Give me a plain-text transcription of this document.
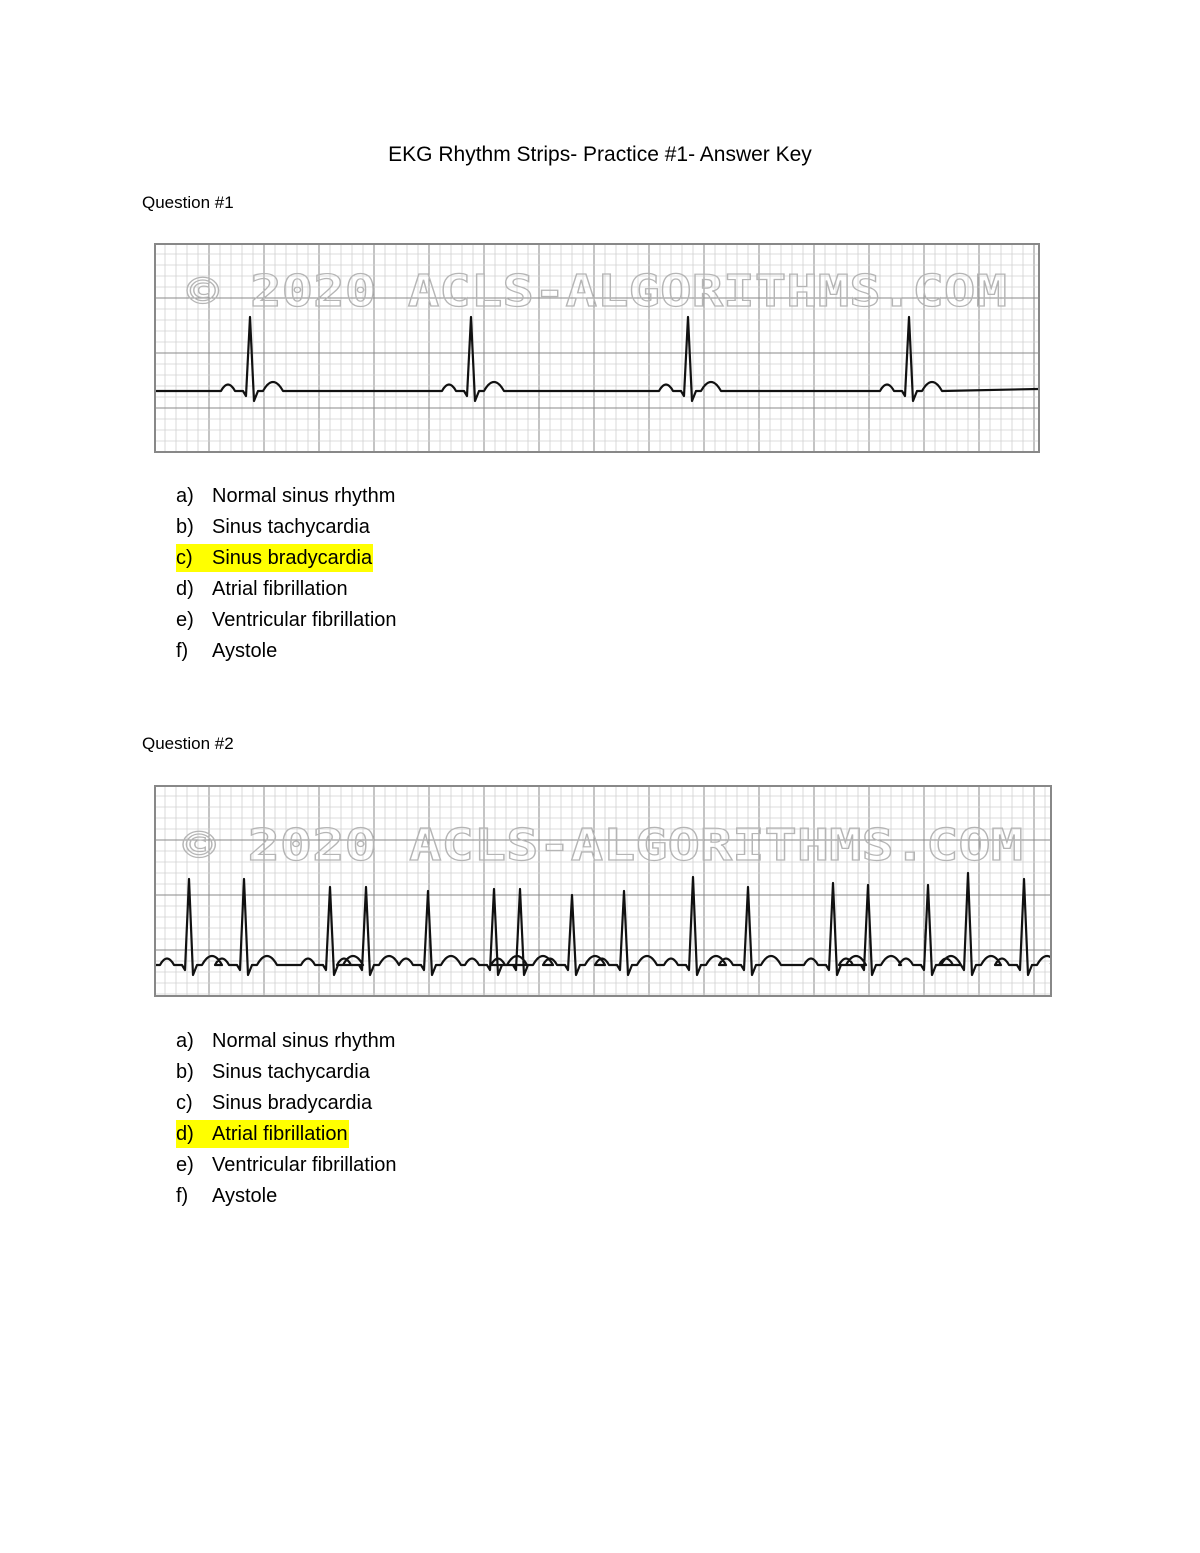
EKG Rhythm Strips- Practice #1- Answer Key
Question #1
© 2020 ACLS-ALGORITHMS.COM
a) Normal sinus rhythm
b) Sinus tachycardia
c) Sinus bradycardia
d) Atrial fibrillation
e) Ventricular fibrillation
f) Aystole
Question #2
© 2020 ACLS-ALGORITHMS.COM
a) Normal sinus rhythm
b) Sinus tachycardia
c) Sinus bradycardia
d) Atrial fibrillation
e) Ventricular fibrillation
f) Aystole
